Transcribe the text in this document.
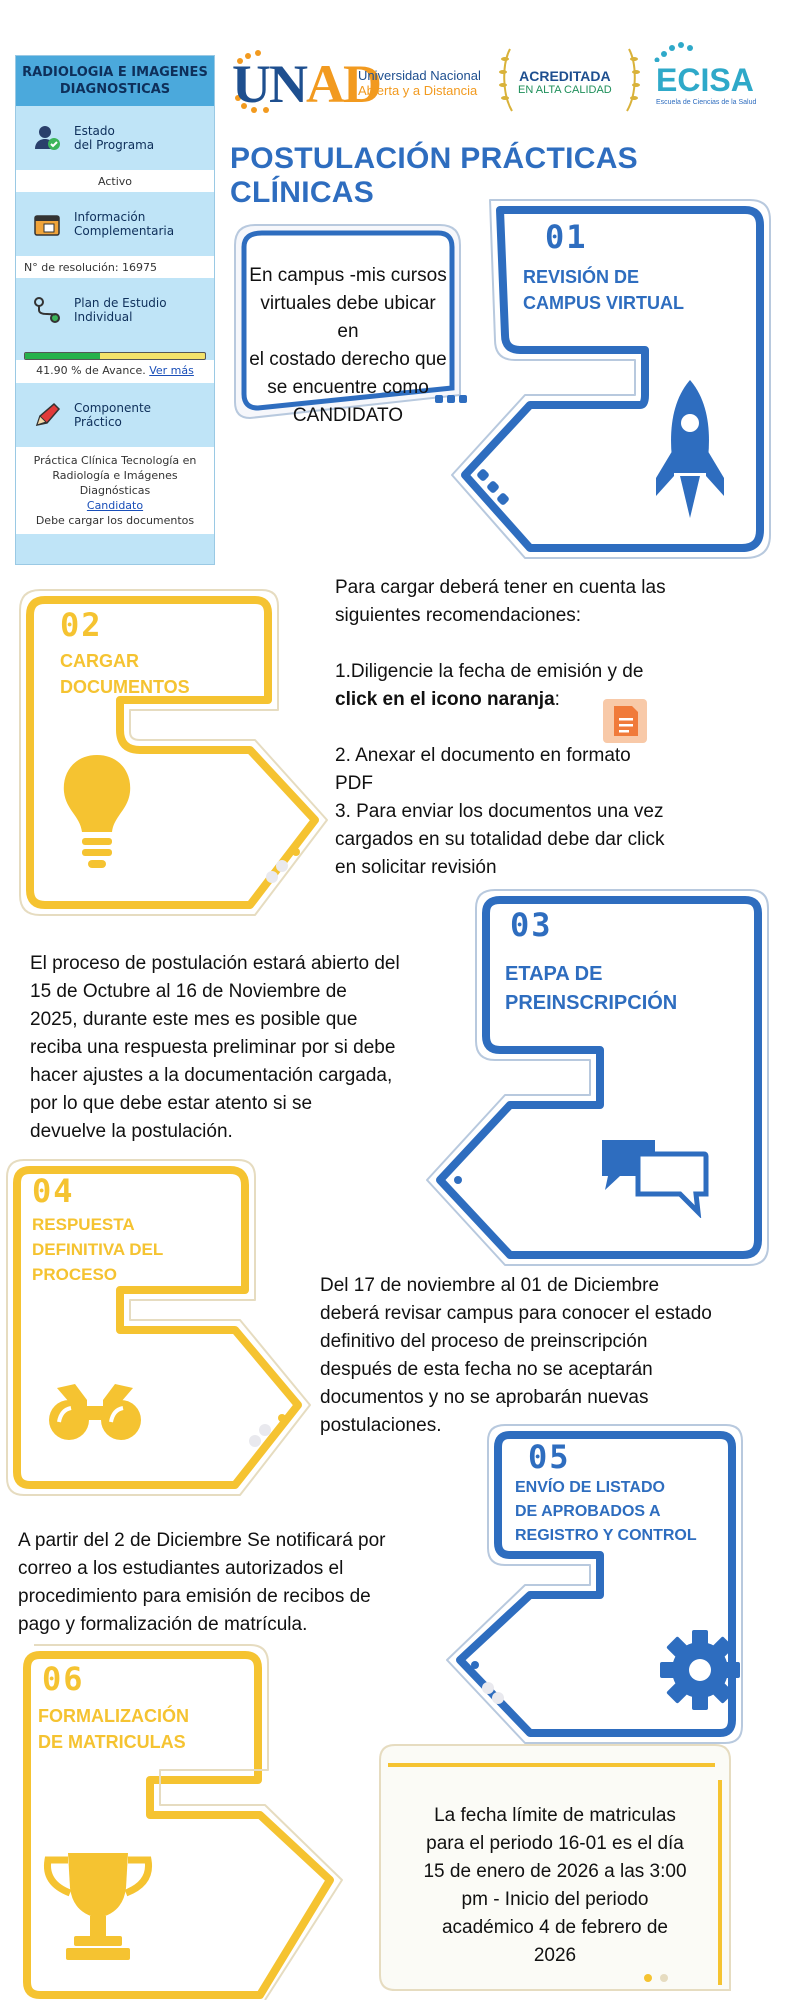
RADIOLOGIA E IMAGENES DIAGNOSTICAS
Estado
del Programa
Activo
Información
Complementaria
N° de resolución: 16975
Plan de Estudio
Individual
41.90 % de Avance. Ver más
Componente
Práctico
Práctica Clínica Tecnología en Radiología e Imágenes Diagnósticas
Candidato
Debe cargar los documentos
UNAD
Universidad Nacional
Abierta y a Distancia
ACREDITADA
EN ALTA CALIDAD ECISA
Escuela de Ciencias de la Salud
POSTULACIÓN PRÁCTICAS CLÍNICAS
01
REVISIÓN DE
CAMPUS VIRTUAL
En campus -mis cursos
virtuales debe ubicar en
el costado derecho que
se encuentre como
CANDIDATO
02
CARGAR
DOCUMENTOS
Para cargar deberá tener en cuenta las
siguientes recomendaciones:
1.Diligencie la fecha de emisión y de
click en el icono naranja:
2. Anexar el documento en formato
PDF
3. Para enviar los documentos una vez
cargados en su totalidad debe dar click
en solicitar revisión
03
ETAPA DE
PREINSCRIPCIÓN
El proceso de postulación estará abierto del
15 de Octubre al 16 de Noviembre de
2025, durante este mes es posible que
reciba una respuesta preliminar por si debe
hacer ajustes a la documentación cargada,
por lo que debe estar atento si se
devuelve la postulación.
04
RESPUESTA
DEFINITIVA DEL
PROCESO
Del 17 de noviembre al 01 de Diciembre
deberá revisar campus para conocer el estado
definitivo del proceso de preinscripción
después de esta fecha no se aceptarán
documentos y no se aprobarán nuevas
postulaciones.
05
ENVÍO DE LISTADO
DE APROBADOS A
REGISTRO Y CONTROL
A partir del 2 de Diciembre Se notificará por
correo a los estudiantes autorizados el
procedimiento para emisión de recibos de
pago y formalización de matrícula.
06
FORMALIZACIÓN
DE MATRICULAS
La fecha límite de matriculas
para el periodo 16-01 es el día
15 de enero de 2026 a las 3:00
pm - Inicio del periodo
académico 4 de febrero de
2026
